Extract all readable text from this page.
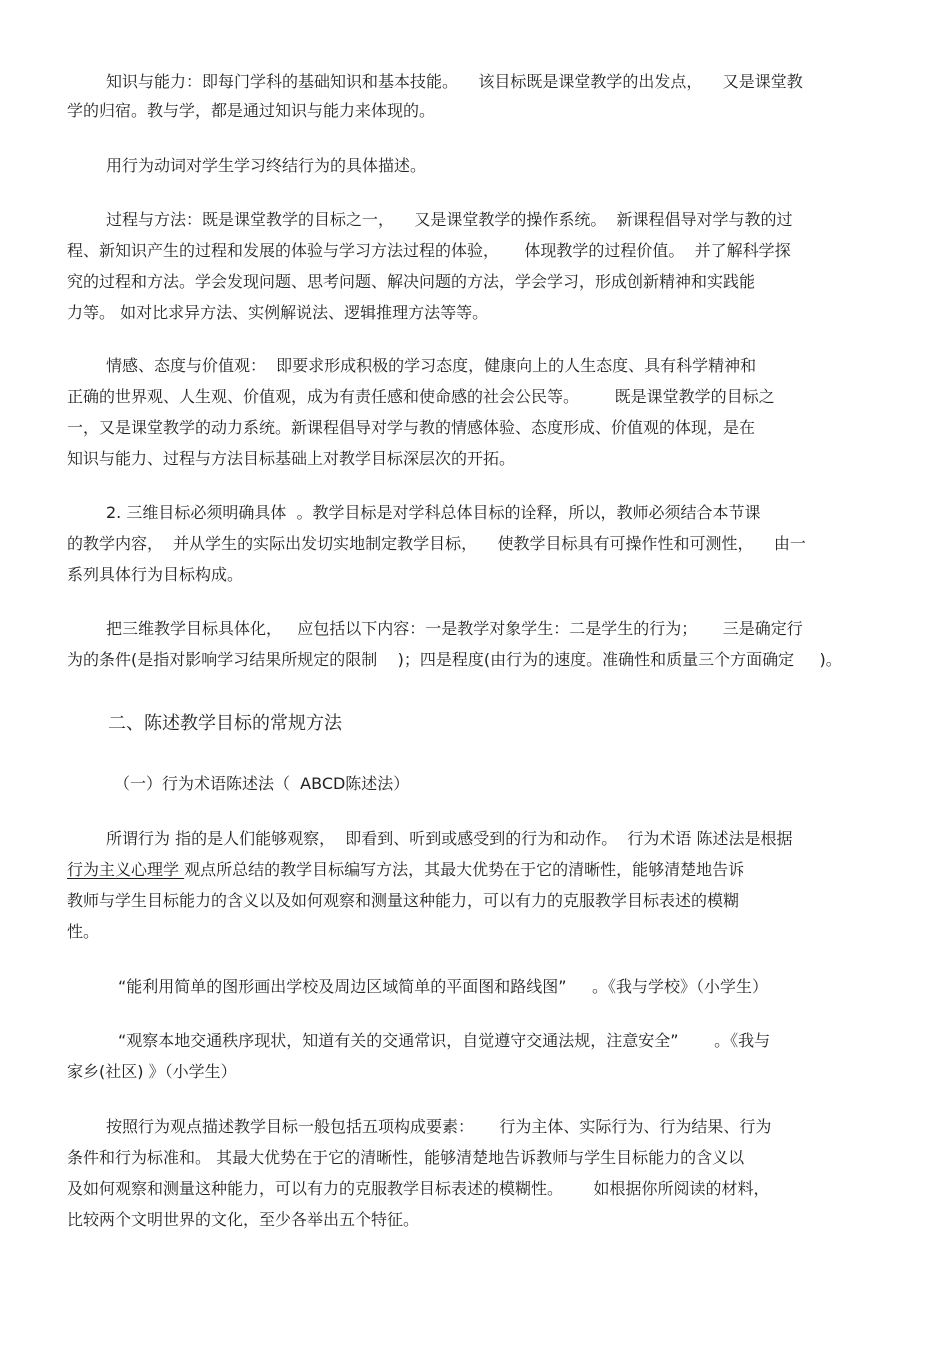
知识与能力：即每门学科的基础知识和基本技能。    该目标既是课堂教学的出发点，    又是课堂教
学的归宿。教与学，都是通过知识与能力来体现的。
用行为动词对学生学习终结行为的具体描述。
过程与方法：既是课堂教学的目标之一，    又是课堂教学的操作系统。  新课程倡导对学与教的过
程、新知识产生的过程和发展的体验与学习方法过程的体验，     体现教学的过程价值。  并了解科学探
究的过程和方法。学会发现问题、思考问题、解决问题的方法，学会学习，形成创新精神和实践能
力等。 如对比求异方法、实例解说法、逻辑推理方法等等。
情感、态度与价值观：  即要求形成积极的学习态度，健康向上的人生态度、具有科学精神和
正确的世界观、人生观、价值观，成为有责任感和使命感的社会公民等。       既是课堂教学的目标之
一，又是课堂教学的动力系统。新课程倡导对学与教的情感体验、态度形成、价值观的体现，是在
知识与能力、过程与方法目标基础上对教学目标深层次的开拓。
2. 三维目标必须明确具体  。教学目标是对学科总体目标的诠释，所以，教师必须结合本节课
的教学内容，  并从学生的实际出发切实地制定教学目标，    使教学目标具有可操作性和可测性，    由一
系列具体行为目标构成。
把三维教学目标具体化，   应包括以下内容：一是教学对象学生：二是学生的行为；     三是确定行
为的条件(是指对影响学习结果所规定的限制    )；四是程度(由行为的速度。准确性和质量三个方面确定     )。
二、陈述教学目标的常规方法
（一）行为术语陈述法（  ABCD陈述法）
所谓行为 指的是人们能够观察，  即看到、听到或感受到的行为和动作。  行为术语 陈述法是根据
行为主义心理学 观点所总结的教学目标编写方法，其最大优势在于它的清晰性，能够清楚地告诉
教师与学生目标能力的含义以及如何观察和测量这种能力，可以有力的克服教学目标表述的模糊
性。
“能利用简单的图形画出学校及周边区域简单的平面图和路线图”     。《我与学校》（小学生）
“观察本地交通秩序现状，知道有关的交通常识，自觉遵守交通法规，注意安全”       。《我与
家乡(社区) 》（小学生）
按照行为观点描述教学目标一般包括五项构成要素：     行为主体、实际行为、行为结果、行为
条件和行为标准和。 其最大优势在于它的清晰性，能够清楚地告诉教师与学生目标能力的含义以
及如何观察和测量这种能力，可以有力的克服教学目标表述的模糊性。      如根据你所阅读的材料，
比较两个文明世界的文化，至少各举出五个特征。
